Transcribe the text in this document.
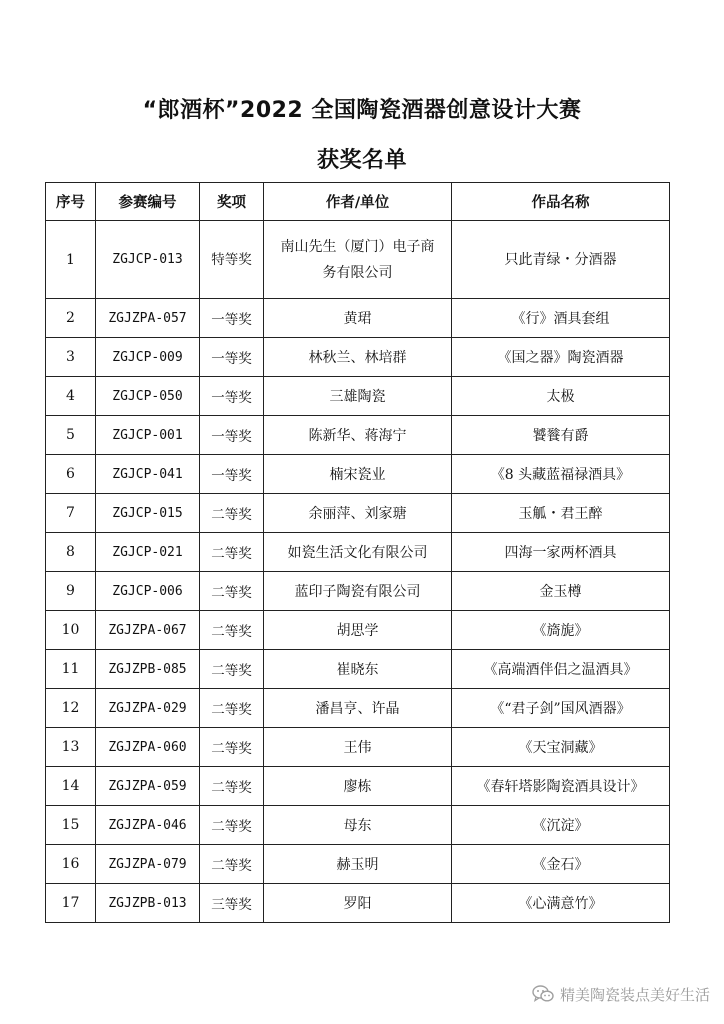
“郎酒杯”2022 全国陶瓷酒器创意设计大赛
获奖名单
序号	参赛编号	奖项	作者/单位	作品名称
1	ZGJCP-013	特等奖	南山先生（厦门）电子商务有限公司	只此青绿・分酒器
2	ZGJZPA-057	一等奖	黄珺	《行》酒具套组
3	ZGJCP-009	一等奖	林秋兰、林培群	《国之器》陶瓷酒器
4	ZGJCP-050	一等奖	三雄陶瓷	太极
5	ZGJCP-001	一等奖	陈新华、蒋海宁	饕餮有爵
6	ZGJCP-041	一等奖	楠宋瓷业	《8 头藏蓝福禄酒具》
7	ZGJCP-015	二等奖	余丽萍、刘家瑭	玉觚・君王醉
8	ZGJCP-021	二等奖	如瓷生活文化有限公司	四海一家两杯酒具
9	ZGJCP-006	二等奖	蓝印子陶瓷有限公司	金玉樽
10	ZGJZPA-067	二等奖	胡思学	《旖旎》
11	ZGJZPB-085	二等奖	崔晓东	《高端酒伴侣之温酒具》
12	ZGJZPA-029	二等奖	潘昌亨、许晶	《“君子剑”国风酒器》
13	ZGJZPA-060	二等奖	王伟	《天宝洞藏》
14	ZGJZPA-059	二等奖	廖栋	《春轩塔影陶瓷酒具设计》
15	ZGJZPA-046	二等奖	母东	《沉淀》
16	ZGJZPA-079	二等奖	赫玉明	《金石》
17	ZGJZPB-013	三等奖	罗阳	《心满意竹》
精美陶瓷装点美好生活
